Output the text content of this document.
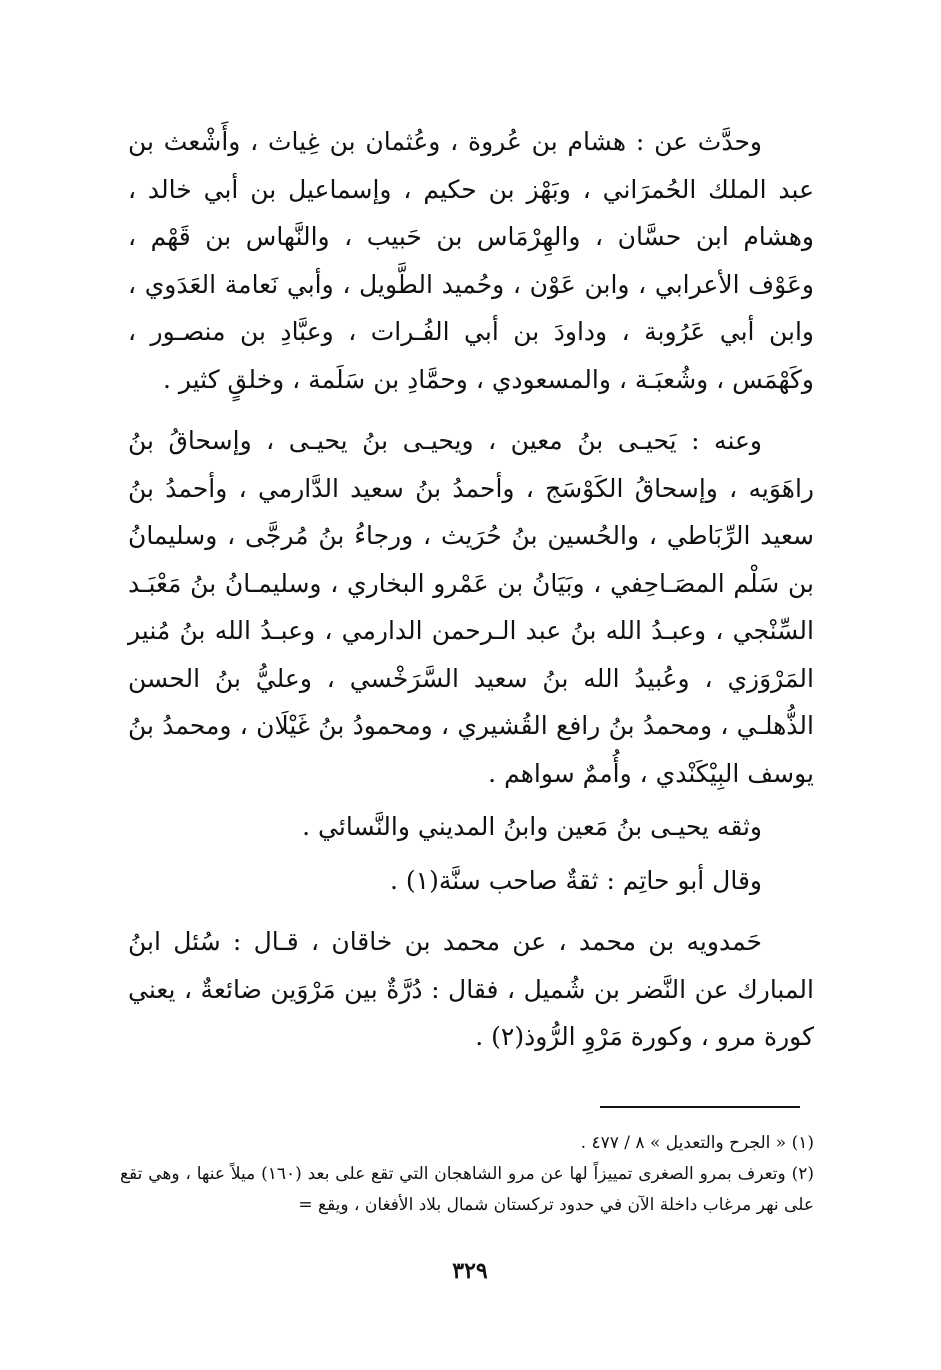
وحدَّث عن : هشام بن عُروة ، وعُثمان بن غِياث ، وأَشْعث بن عبد الملك الحُمرَاني ، وبَهْز بن حكيم ، وإسماعيل بن أبي خالد ، وهشام ابن حسَّان ، والهِرْمَاس بن حَبيب ، والنَّهاس بن قَهْم ، وعَوْف الأعرابي ، وابن عَوْن ، وحُميد الطَّويل ، وأبي نَعامة العَدَوي ، وابن أبي عَرُوبة ، وداودَ بن أبي الفُـرات ، وعبَّادِ بن منصـور ، وكَهْمَس ، وشُعبَـة ، والمسعودي ، وحمَّادِ بن سَلَمة ، وخلقٍ كثير .

وعنه : يَحيـى بنُ معين ، ويحيـى بنُ يحيـى ، وإسحاقُ بنُ راهَوَيه ، وإسحاقُ الكَوْسَج ، وأحمدُ بنُ سعيد الدَّارمي ، وأحمدُ بنُ سعيد الرِّبَاطي ، والحُسين بنُ حُرَيث ، ورجاءُ بنُ مُرجَّى ، وسليمانُ بن سَلْم المصَـاحِفي ، وبَيَانُ بن عَمْرو البخاري ، وسليمـانُ بنُ مَعْبَـد السِّنْجي ، وعبـدُ الله بنُ عبد الـرحمن الدارمي ، وعبـدُ الله بنُ مُنير المَرْوَزي ، وعُبيدُ الله بنُ سعيد السَّرَخْسي ، وعليُّ بنُ الحسن الذُّهلـي ، ومحمدُ بنُ رافع القُشيري ، ومحمودُ بنُ غَيْلَان ، ومحمدُ بنُ يوسف البِيْكَنْدي ، وأُممٌ سواهم .

وثقه يحيـى بنُ مَعين وابنُ المديني والنَّسائي .

وقال أبو حاتِم : ثقةٌ صاحب سنَّة(١) .

حَمدويه بن محمد ، عن محمد بن خاقان ، قـال : سُئل ابنُ المبارك عن النَّضر بن شُميل ، فقال : دُرَّةٌ بين مَرْوَين ضائعةٌ ، يعني كورة مرو ، وكورة مَرْوِ الرُّوذ(٢) .

(١) « الجرح والتعديل » ٨ / ٤٧٧ .

(٢) وتعرف بمرو الصغرى تمييزاً لها عن مرو الشاهجان التي تقع على بعد (١٦٠) ميلاً عنها ، وهي تقع على نهر مرغاب داخلة الآن في حدود تركستان شمال بلاد الأفغان ، ويقع =

٣٢٩
